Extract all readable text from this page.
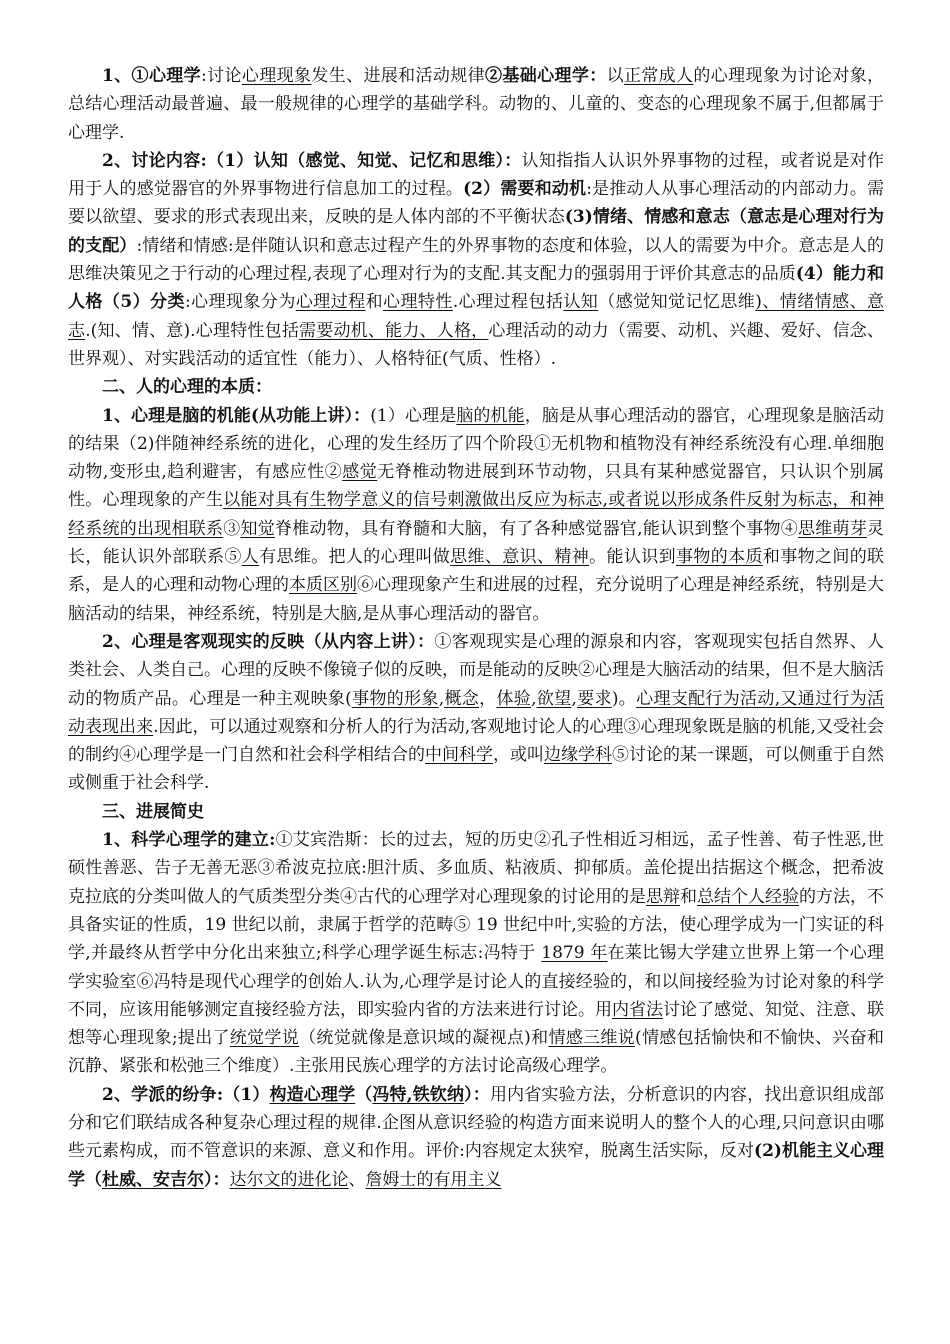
1、①心理学:讨论心理现象发生、进展和活动规律②基础心理学：以正常成人的心理现象为讨论对象，总结心理活动最普遍、最一般规律的心理学的基础学科。动物的、儿童的、变态的心理现象不属于,但都属于心理学.

2、讨论内容:（1）认知（感觉、知觉、记忆和思维）：认知指指人认识外界事物的过程，或者说是对作用于人的感觉器官的外界事物进行信息加工的过程。(2）需要和动机:是推动人从事心理活动的内部动力。需要以欲望、要求的形式表现出来，反映的是人体内部的不平衡状态(3)情绪、情感和意志（意志是心理对行为的支配）:情绪和情感:是伴随认识和意志过程产生的外界事物的态度和体验，以人的需要为中介。意志是人的思维决策见之于行动的心理过程,表现了心理对行为的支配.其支配力的强弱用于评价其意志的品质(4）能力和人格（5）分类:心理现象分为心理过程和心理特性.心理过程包括认知（感觉知觉记忆思维)、情绪情感、意志.(知、情、意).心理特性包括需要动机、能力、人格，心理活动的动力（需要、动机、兴趣、爱好、信念、世界观）、对实践活动的适宜性（能力）、人格特征(气质、性格）.

二、人的心理的本质：

1、心理是脑的机能(从功能上讲）：(1）心理是脑的机能，脑是从事心理活动的器官，心理现象是脑活动的结果（2)伴随神经系统的进化，心理的发生经历了四个阶段①无机物和植物没有神经系统没有心理.单细胞动物,变形虫,趋利避害，有感应性②感觉无脊椎动物进展到环节动物，只具有某种感觉器官，只认识个别属性。心理现象的产生以能对具有生物学意义的信号刺激做出反应为标志,或者说以形成条件反射为标志，和神经系统的出现相联系③知觉脊椎动物，具有脊髓和大脑，有了各种感觉器官,能认识到整个事物④思维萌芽灵长，能认识外部联系⑤人有思维。把人的心理叫做思维、意识、精神。能认识到事物的本质和事物之间的联系，是人的心理和动物心理的本质区别⑥心理现象产生和进展的过程，充分说明了心理是神经系统，特别是大脑活动的结果，神经系统，特别是大脑,是从事心理活动的器官。

2、心理是客观现实的反映（从内容上讲）：①客观现实是心理的源泉和内容，客观现实包括自然界、人类社会、人类自己。心理的反映不像镜子似的反映，而是能动的反映②心理是大脑活动的结果，但不是大脑活动的物质产品。心理是一种主观映象(事物的形象,概念，体验,欲望,要求)。心理支配行为活动,又通过行为活动表现出来.因此，可以通过观察和分析人的行为活动,客观地讨论人的心理③心理现象既是脑的机能,又受社会的制约④心理学是一门自然和社会科学相结合的中间科学，或叫边缘学科⑤讨论的某一课题，可以侧重于自然或侧重于社会科学.

三、进展简史

1、科学心理学的建立:①艾宾浩斯：长的过去，短的历史②孔子性相近习相远，孟子性善、荀子性恶,世硕性善恶、告子无善无恶③希波克拉底:胆汁质、多血质、粘液质、抑郁质。盖伦提出拮据这个概念，把希波克拉底的分类叫做人的气质类型分类④古代的心理学对心理现象的讨论用的是思辩和总结个人经验的方法，不具备实证的性质，19 世纪以前，隶属于哲学的范畴⑤ 19 世纪中叶,实验的方法，使心理学成为一门实证的科学,并最终从哲学中分化出来独立;科学心理学诞生标志:冯特于 1879 年在莱比锡大学建立世界上第一个心理学实验室⑥冯特是现代心理学的创始人.认为,心理学是讨论人的直接经验的，和以间接经验为讨论对象的科学不同，应该用能够测定直接经验方法，即实验内省的方法来进行讨论。用内省法讨论了感觉、知觉、注意、联想等心理现象;提出了统觉学说（统觉就像是意识域的凝视点)和情感三维说(情感包括愉快和不愉快、兴奋和沉静、紧张和松弛三个维度）.主张用民族心理学的方法讨论高级心理学。

2、学派的纷争:（1）构造心理学（冯特,铁钦纳）：用内省实验方法，分析意识的内容，找出意识组成部分和它们联结成各种复杂心理过程的规律.企图从意识经验的构造方面来说明人的整个人的心理,只问意识由哪些元素构成，而不管意识的来源、意义和作用。评价:内容规定太狭窄，脱离生活实际，反对(2)机能主义心理学（杜威、安吉尔）：达尔文的进化论、詹姆士的有用主义
